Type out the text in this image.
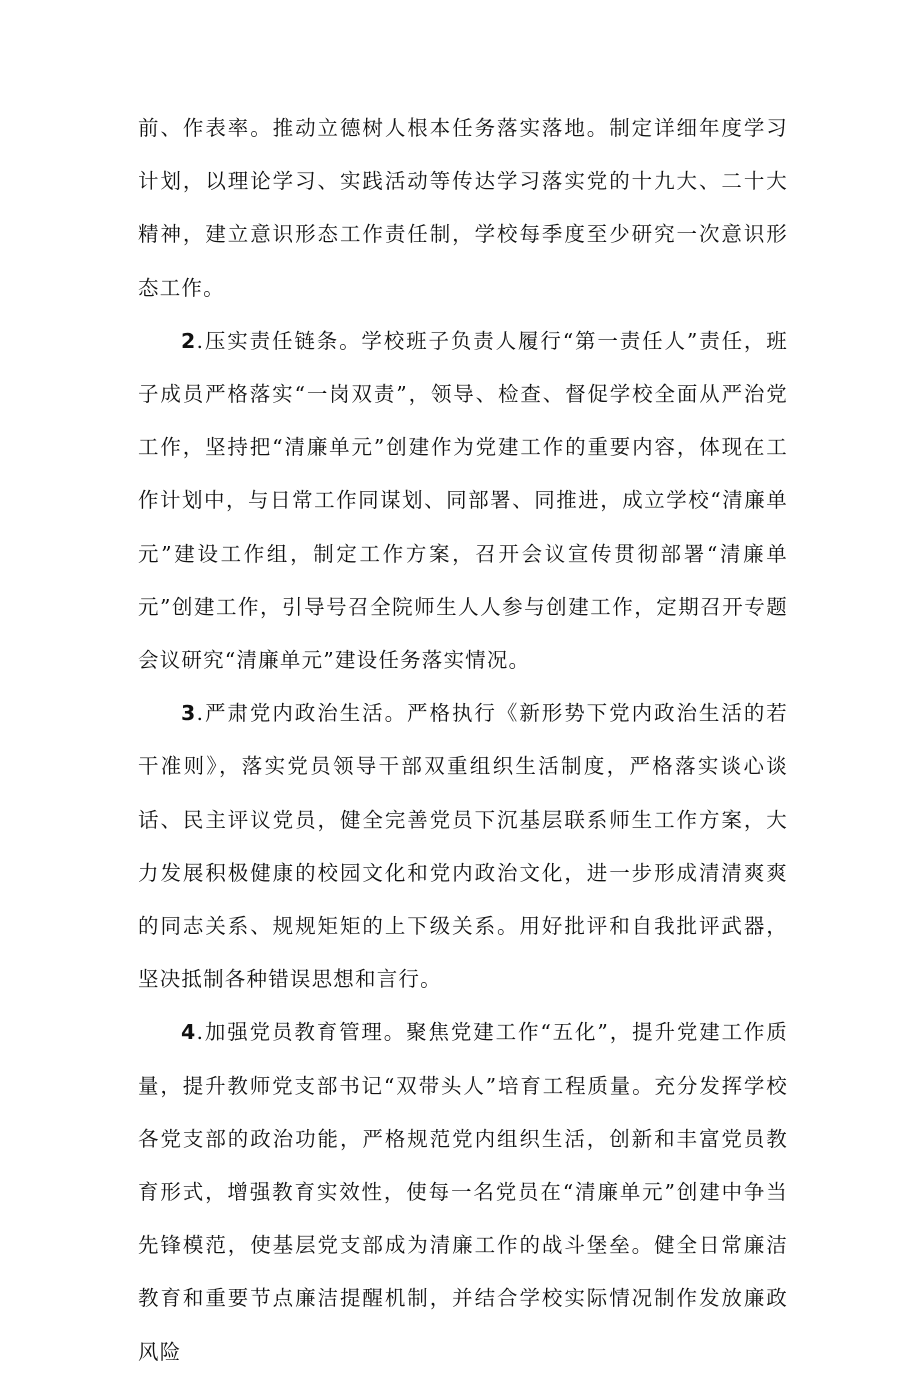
前、作表率。推动立德树人根本任务落实落地。制定详细年度学习计划，以理论学习、实践活动等传达学习落实党的十九大、二十大精神，建立意识形态工作责任制，学校每季度至少研究一次意识形态工作。

2.压实责任链条。学校班子负责人履行“第一责任人”责任，班子成员严格落实“一岗双责”，领导、检查、督促学校全面从严治党工作，坚持把“清廉单元”创建作为党建工作的重要内容，体现在工作计划中，与日常工作同谋划、同部署、同推进，成立学校“清廉单元”建设工作组，制定工作方案，召开会议宣传贯彻部署“清廉单元”创建工作，引导号召全院师生人人参与创建工作，定期召开专题会议研究“清廉单元”建设任务落实情况。

3.严肃党内政治生活。严格执行《新形势下党内政治生活的若干准则》，落实党员领导干部双重组织生活制度，严格落实谈心谈话、民主评议党员，健全完善党员下沉基层联系师生工作方案，大力发展积极健康的校园文化和党内政治文化，进一步形成清清爽爽的同志关系、规规矩矩的上下级关系。用好批评和自我批评武器，坚决抵制各种错误思想和言行。

4.加强党员教育管理。聚焦党建工作“五化”，提升党建工作质量，提升教师党支部书记“双带头人”培育工程质量。充分发挥学校各党支部的政治功能，严格规范党内组织生活，创新和丰富党员教育形式，增强教育实效性，使每一名党员在“清廉单元”创建中争当先锋模范，使基层党支部成为清廉工作的战斗堡垒。健全日常廉洁教育和重要节点廉洁提醒机制，并结合学校实际情况制作发放廉政风险
